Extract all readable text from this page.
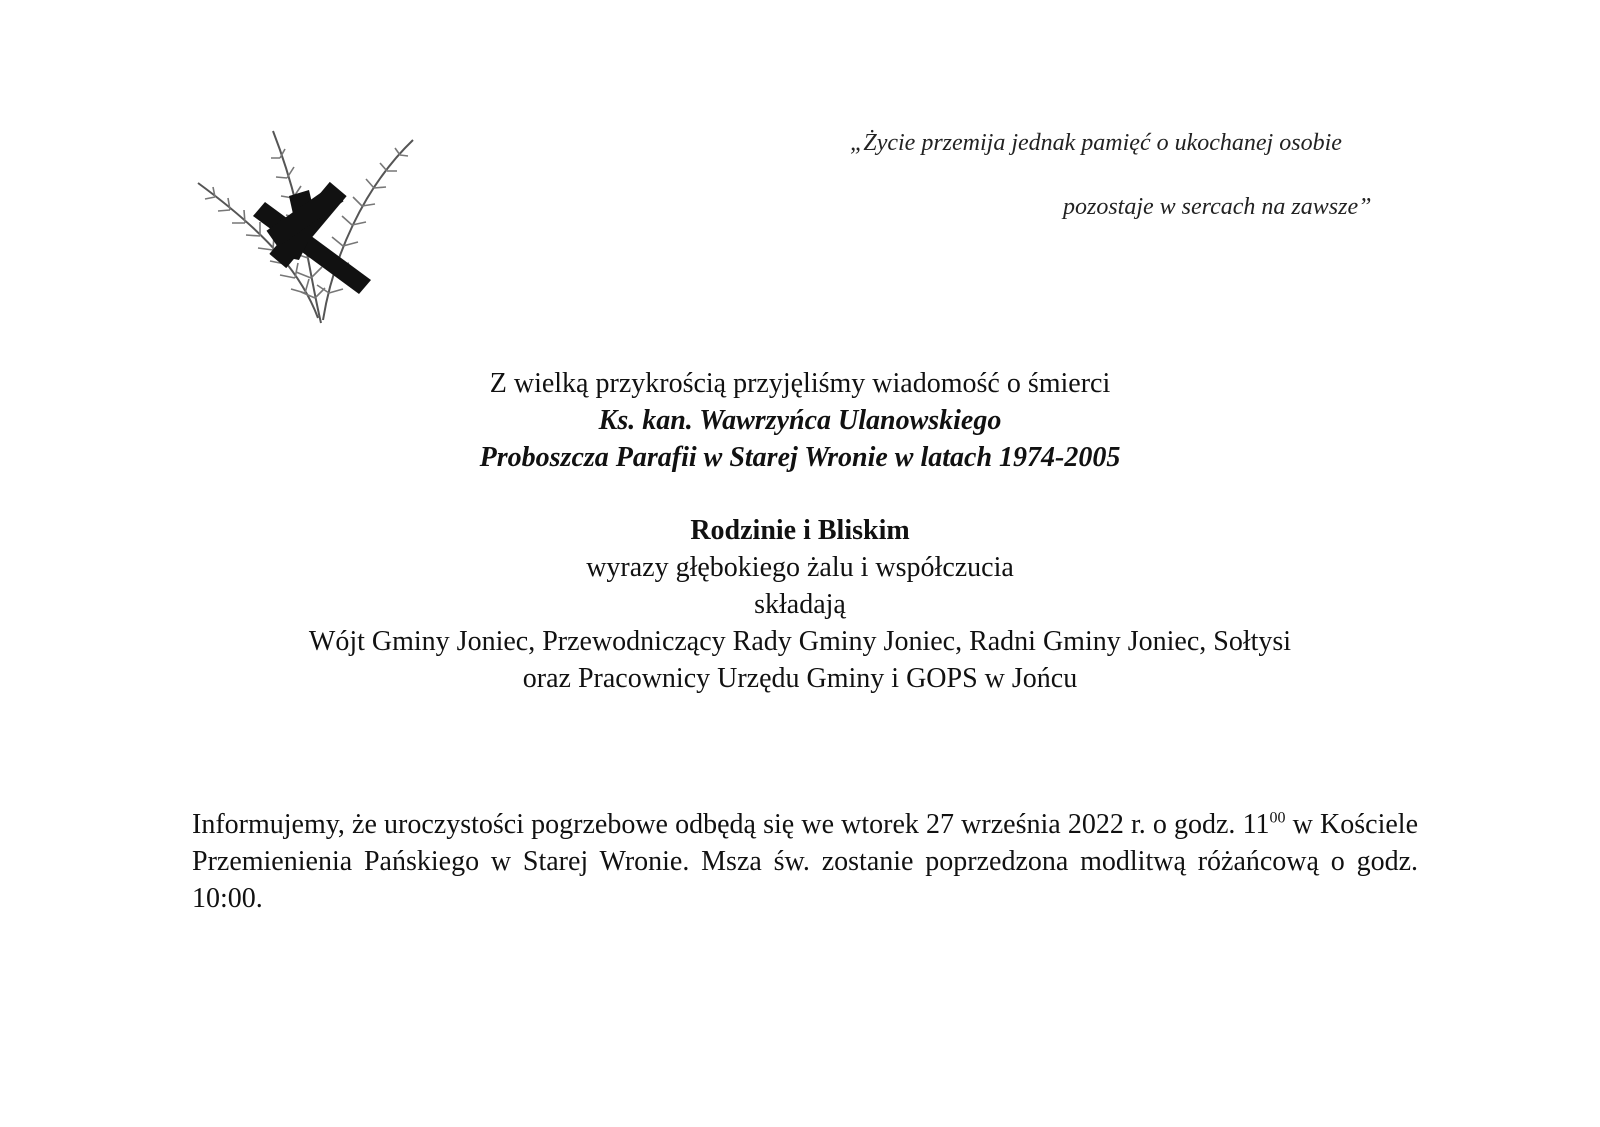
„Życie przemija jednak pamięć o ukochanej osobie
pozostaje w sercach na zawsze”
Z wielką przykrością przyjęliśmy wiadomość o śmierci
Ks. kan. Wawrzyńca Ulanowskiego
Proboszcza Parafii w Starej Wronie w latach 1974-2005
Rodzinie i Bliskim
wyrazy głębokiego żalu i współczucia
składają
Wójt Gminy Joniec, Przewodniczący Rady Gminy Joniec, Radni Gminy Joniec, Sołtysi
oraz Pracownicy Urzędu Gminy i GOPS w Jońcu
Informujemy, że uroczystości pogrzebowe odbędą się we wtorek 27 września 2022 r. o godz. $11^{00}$ w Kościele Przemienienia Pańskiego w Starej Wronie. Msza św. zostanie poprzedzona modlitwą różańcową o godz. 10:00.
